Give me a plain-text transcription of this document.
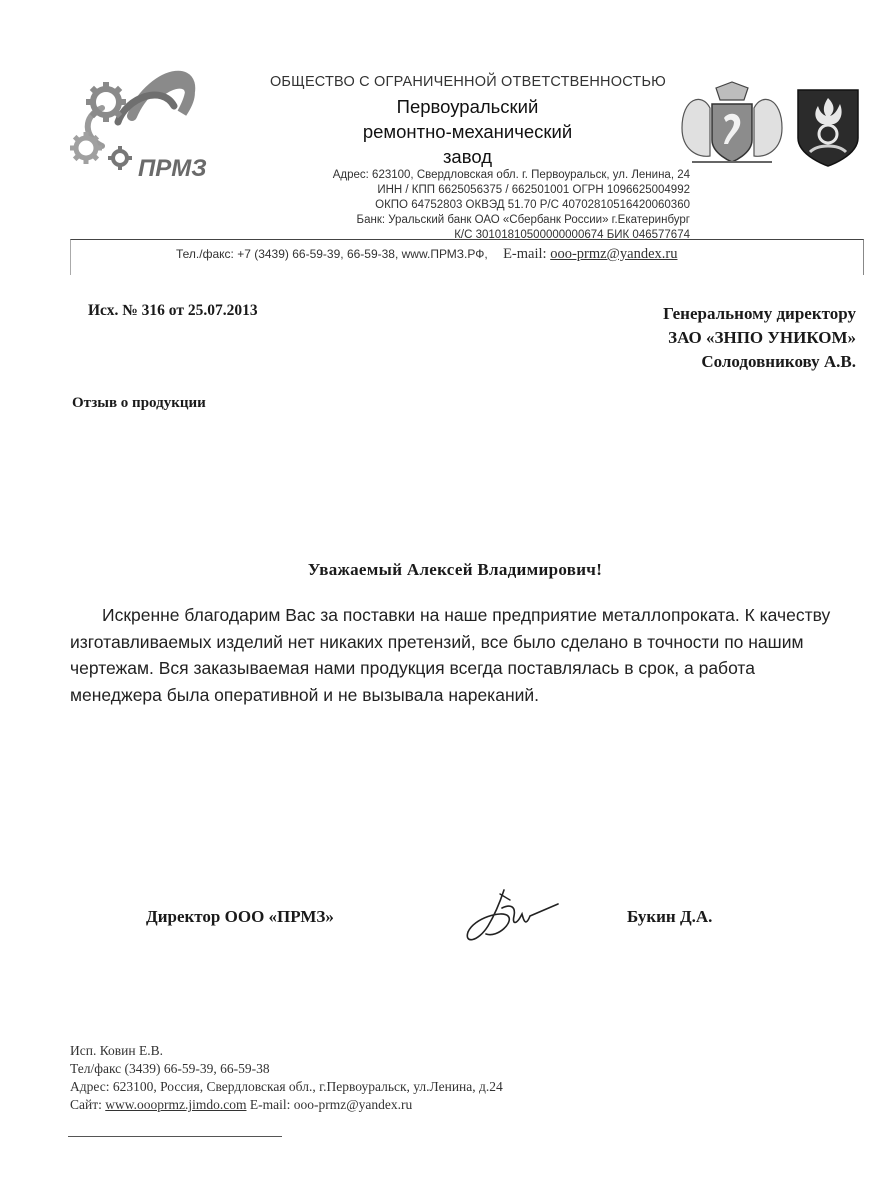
ПРМЗ
ОБЩЕСТВО С ОГРАНИЧЕННОЙ ОТВЕТСТВЕННОСТЬЮ
Первоуральский
ремонтно-механический
завод
Адрес: 623100, Свердловская обл. г. Первоуральск, ул. Ленина, 24
ИНН / КПП 6625056375 / 662501001 ОГРН 1096625004992
ОКПО 64752803 ОКВЭД 51.70 Р/С 40702810516420060360
Банк: Уральский банк ОАО «Сбербанк России» г.Екатеринбург
К/С 30101810500000000674 БИК 046577674
Тел./факс: +7 (3439) 66-59-39, 66-59-38, www.ПРМЗ.РФ, E-mail: ooo-prmz@yandex.ru
Исх. № 316 от 25.07.2013	Генеральному директору
ЗАО «ЗНПО УНИКОМ»
Солодовникову А.В.
Отзыв о продукции
Уважаемый Алексей Владимирович!
Искренне благодарим Вас за поставки на наше предприятие металлопроката. К качеству изготавливаемых изделий нет никаких претензий, все было сделано в точности по нашим чертежам. Вся заказываемая нами продукция всегда поставлялась в срок, а работа менеджера была оперативной и не вызывала нареканий.
Директор ООО «ПРМЗ»	Букин Д.А.
Исп. Ковин Е.В.
Тел/факс (3439) 66-59-39, 66-59-38
Адрес: 623100, Россия, Свердловская обл., г.Первоуральск, ул.Ленина, д.24
Сайт: www.oooprmz.jimdo.com E-mail: ooo-prmz@yandex.ru
